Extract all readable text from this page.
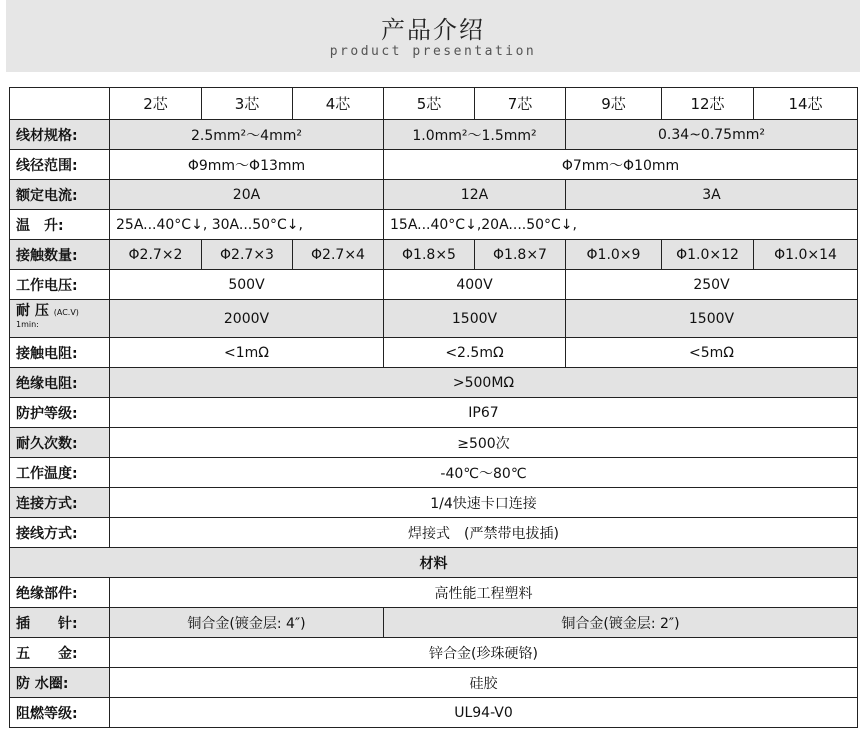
产品介绍
product presentation
	2芯	3芯	4芯	5芯	7芯	9芯	12芯	14芯
线材规格:	2.5mm²～4mm²			1.0mm²～1.5mm²		0.34~0.75mm²		
线径范围:	Φ9mm～Φ13mm			Φ7mm～Φ10mm				
额定电流:	20A			12A		3A		
温　升:	25A...40°C↓, 30A...50°C↓,			15A...40°C↓,20A....50°C↓,				
接触数量:	Φ2.7×2	Φ2.7×3	Φ2.7×4	Φ1.8×5	Φ1.8×7	Φ1.0×9	Φ1.0×12	Φ1.0×14
工作电压:	500V			400V		250V		
耐 压 (AC.V)
1min:	2000V			1500V		1500V		
接触电阻:	<1mΩ			<2.5mΩ		<5mΩ		
绝缘电阻:	>500MΩ							
防护等级:	IP67							
耐久次数:	≥500次							
工作温度:	-40℃～80℃							
连接方式:	1/4快速卡口连接							
接线方式:	焊接式　(严禁带电拔插)							
材料								
绝缘部件:	高性能工程塑料							
插　　针:	铜合金(镀金层: 4″)			铜合金(镀金层: 2″)				
五　　金:	锌合金(珍珠硬铬)							
防 水圈:	硅胶							
阻燃等级:	UL94-V0							
